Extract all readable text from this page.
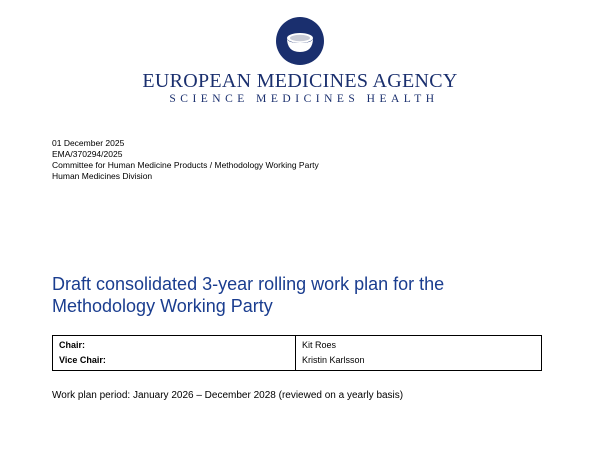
EUROPEAN MEDICINES AGENCY
SCIENCE MEDICINES HEALTH
01 December 2025
EMA/370294/2025
Committee for Human Medicine Products / Methodology Working Party
Human Medicines Division
Draft consolidated 3-year rolling work plan for the
Methodology Working Party
Chair:	Kit Roes
Vice Chair:	Kristin Karlsson
Work plan period: January 2026 – December 2028 (reviewed on a yearly basis)
